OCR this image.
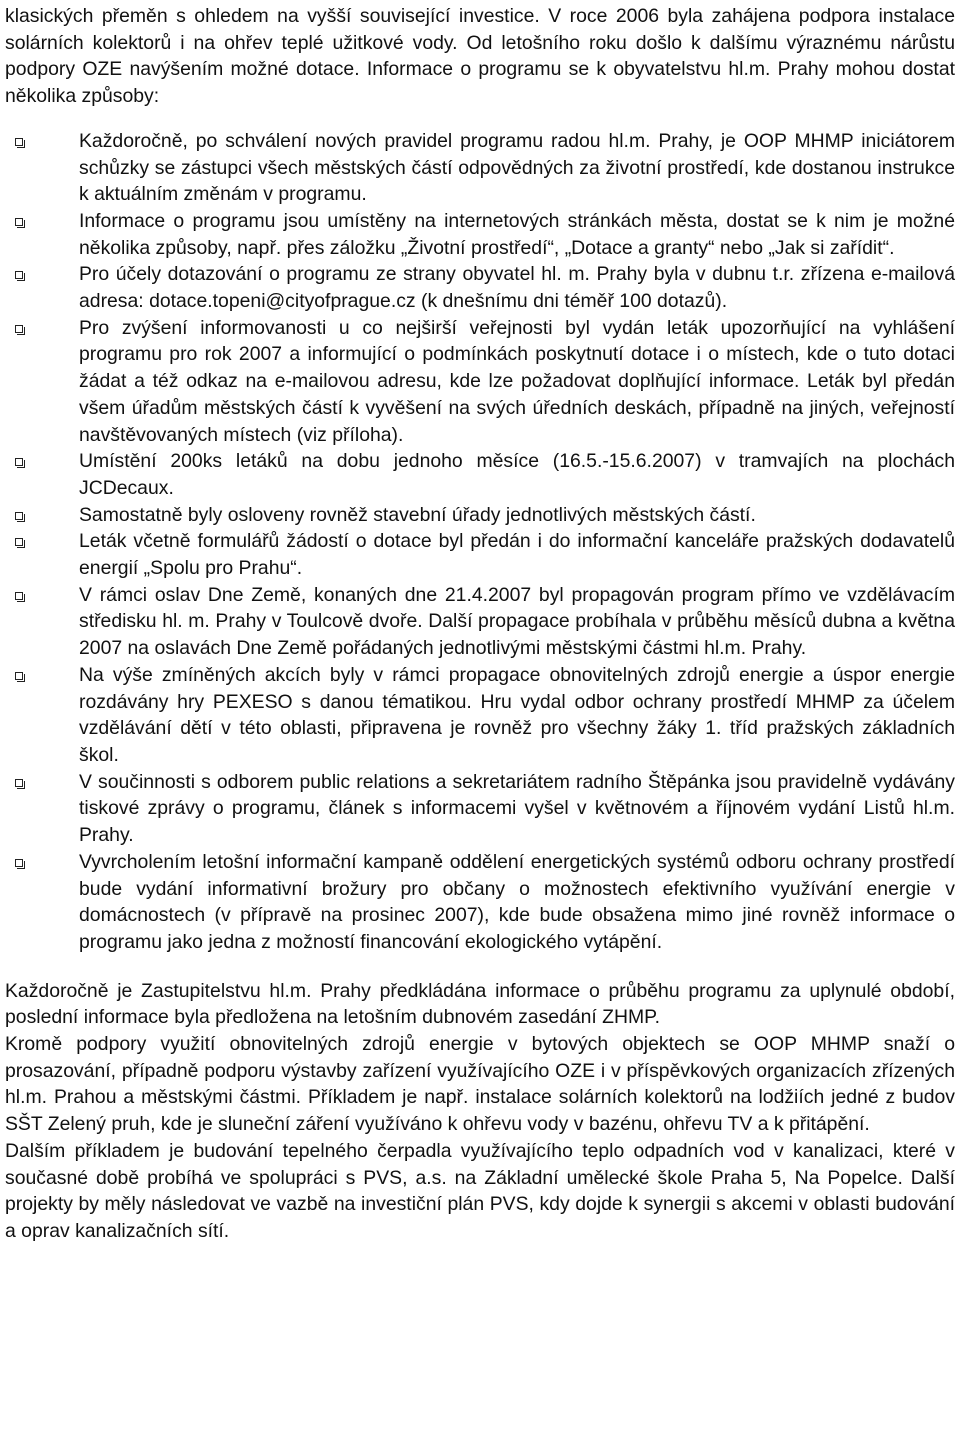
klasických přeměn s ohledem na vyšší související investice. V roce 2006 byla zahájena podpora instalace solárních kolektorů i na ohřev teplé užitkové vody. Od letošního roku došlo k dalšímu výraznému nárůstu podpory OZE navýšením možné dotace. Informace o programu se k obyvatelstvu hl.m. Prahy mohou dostat několika způsoby:

Každoročně, po schválení nových pravidel programu radou hl.m. Prahy, je OOP MHMP iniciátorem schůzky se zástupci všech městských částí odpovědných za životní prostředí, kde dostanou instrukce k aktuálním změnám v programu.
Informace o programu jsou umístěny na internetových stránkách města, dostat se k nim je možné několika způsoby, např. přes záložku „Životní prostředí“, „Dotace a granty“ nebo „Jak si zařídit“.
Pro účely dotazování o programu ze strany obyvatel hl. m. Prahy byla v dubnu t.r. zřízena e-mailová adresa: dotace.topeni@cityofprague.cz (k dnešnímu dni téměř 100 dotazů).
Pro zvýšení informovanosti u co nejširší veřejnosti byl vydán leták upozorňující na vyhlášení programu pro rok 2007 a informující o podmínkách poskytnutí dotace i o místech, kde o tuto dotaci žádat a též odkaz na e-mailovou adresu, kde lze požadovat doplňující informace. Leták byl předán všem úřadům městských částí k vyvěšení na svých úředních deskách, případně na jiných, veřejností navštěvovaných místech (viz příloha).
Umístění 200ks letáků na dobu jednoho měsíce (16.5.-15.6.2007) v tramvajích na plochách JCDecaux.
Samostatně byly osloveny rovněž stavební úřady jednotlivých městských částí.
Leták včetně formulářů žádostí o dotace byl předán i do informační kanceláře pražských dodavatelů energií „Spolu pro Prahu“.
V rámci oslav Dne Země, konaných dne 21.4.2007 byl propagován program přímo ve vzdělávacím středisku hl. m. Prahy v Toulcově dvoře. Další propagace probíhala v průběhu měsíců dubna a května 2007 na oslavách Dne Země pořádaných jednotlivými městskými částmi hl.m. Prahy.
Na výše zmíněných akcích byly v rámci propagace obnovitelných zdrojů energie a úspor energie rozdávány hry PEXESO s danou tématikou. Hru vydal odbor ochrany prostředí MHMP za účelem vzdělávání dětí v této oblasti, připravena je rovněž pro všechny žáky 1. tříd pražských základních škol.
V součinnosti s odborem public relations a sekretariátem radního Štěpánka jsou pravidelně vydávány tiskové zprávy o programu, článek s informacemi vyšel v květnovém a říjnovém vydání Listů hl.m. Prahy.
Vyvrcholením letošní informační kampaně oddělení energetických systémů odboru ochrany prostředí bude vydání informativní brožury pro občany o možnostech efektivního využívání energie v domácnostech (v přípravě na prosinec 2007), kde bude obsažena mimo jiné rovněž informace o programu jako jedna z možností financování ekologického vytápění.

Každoročně je Zastupitelstvu hl.m. Prahy předkládána informace o průběhu programu za uplynulé období, poslední informace byla předložena na letošním dubnovém zasedání ZHMP.

Kromě podpory využití obnovitelných zdrojů energie v bytových objektech se OOP MHMP snaží o prosazování, případně podporu výstavby zařízení využívajícího OZE i v příspěvkových organizacích zřízených hl.m. Prahou a městskými částmi. Příkladem je např. instalace solárních kolektorů na lodžiích jedné z budov SŠT Zelený pruh, kde je sluneční záření využíváno k ohřevu vody v bazénu, ohřevu TV a k přitápění.

Dalším příkladem je budování tepelného čerpadla využívajícího teplo odpadních vod v kanalizaci, které v současné době probíhá ve spolupráci s PVS, a.s. na Základní umělecké škole Praha 5, Na Popelce. Další projekty by měly následovat ve vazbě na investiční plán PVS, kdy dojde k synergii s akcemi v oblasti budování a oprav kanalizačních sítí.
